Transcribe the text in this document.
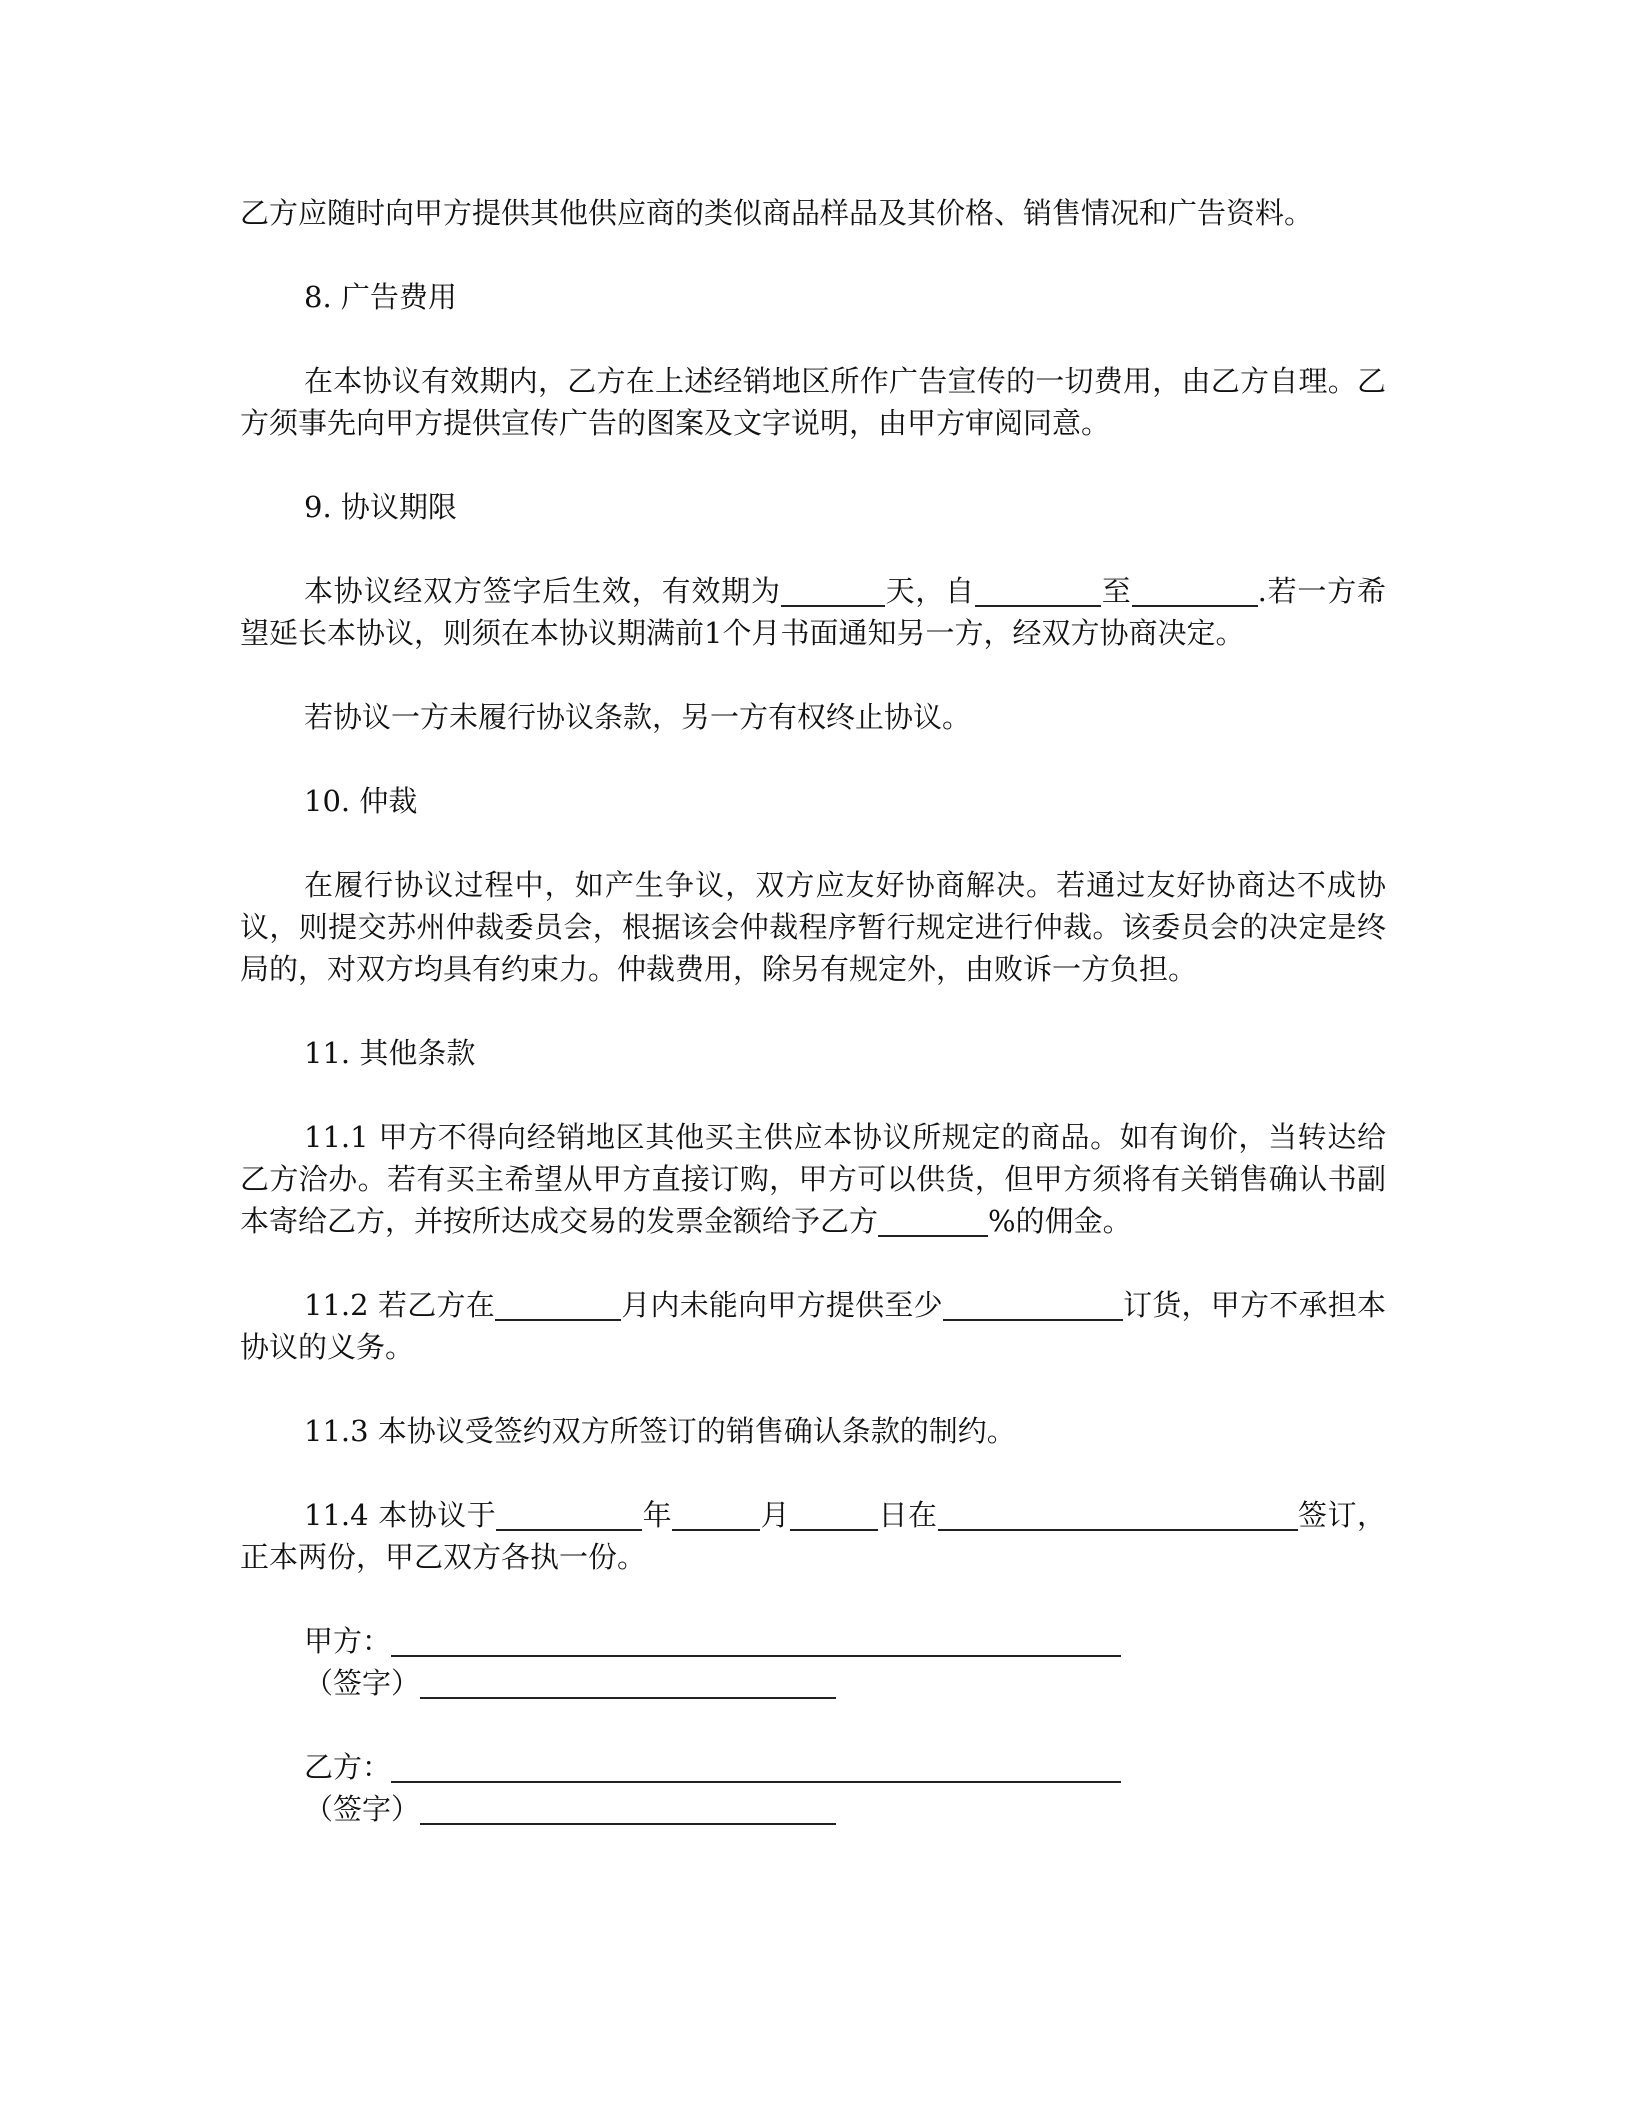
乙方应随时向甲方提供其他供应商的类似商品样品及其价格、销售情况和广告资料。

8. 广告费用

在本协议有效期内，乙方在上述经销地区所作广告宣传的一切费用，由乙方自理。乙方须事先向甲方提供宣传广告的图案及文字说明，由甲方审阅同意。

9. 协议期限

本协议经双方签字后生效，有效期为	天，自	至	.若一方希望延长本协议，则须在本协议期满前1个月书面通知另一方，经双方协商决定。

若协议一方未履行协议条款，另一方有权终止协议。

10. 仲裁

在履行协议过程中，如产生争议，双方应友好协商解决。若通过友好协商达不成协议，则提交苏州仲裁委员会，根据该会仲裁程序暂行规定进行仲裁。该委员会的决定是终局的，对双方均具有约束力。仲裁费用，除另有规定外，由败诉一方负担。

11. 其他条款

11.1 甲方不得向经销地区其他买主供应本协议所规定的商品。如有询价，当转达给乙方洽办。若有买主希望从甲方直接订购，甲方可以供货，但甲方须将有关销售确认书副本寄给乙方，并按所达成交易的发票金额给予乙方	%的佣金。

11.2 若乙方在	月内未能向甲方提供至少	订货，甲方不承担本协议的义务。

11.3 本协议受签约双方所签订的销售确认条款的制约。

11.4 本协议于	年	月	日在	签订，正本两份，甲乙双方各执一份。

甲方：

（签字）

乙方：

（签字）
